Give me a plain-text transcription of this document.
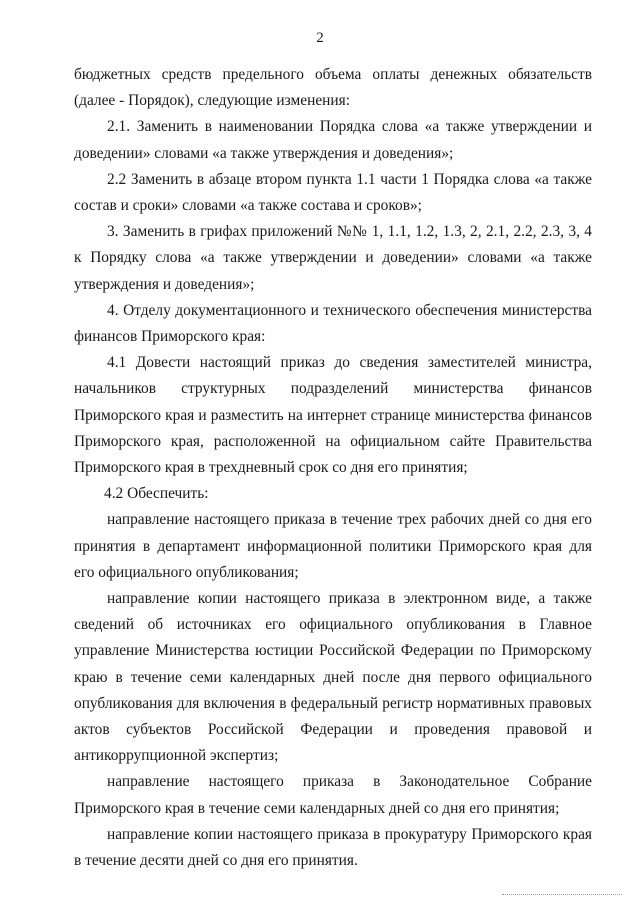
2

бюджетных средств предельного объема оплаты денежных обязательств (далее - Порядок), следующие изменения:

2.1. Заменить в наименовании Порядка слова «а также утверждении и доведении» словами «а также утверждения и доведения»;

2.2 Заменить в абзаце втором пункта 1.1 части 1 Порядка слова «а также состав и сроки» словами «а также состава и сроков»;

3. Заменить в грифах приложений №№ 1, 1.1, 1.2, 1.3, 2, 2.1, 2.2, 2.3, 3, 4 к Порядку слова «а также утверждении и доведении» словами «а также утверждения и доведения»;

4. Отделу документационного и технического обеспечения министерства финансов Приморского края:

4.1 Довести настоящий приказ до сведения заместителей министра, начальников структурных подразделений министерства финансов Приморского края и разместить на интернет странице министерства финансов Приморского края, расположенной на официальном сайте Правительства Приморского края в трехдневный срок со дня его принятия;

4.2 Обеспечить:

направление настоящего приказа в течение трех рабочих дней со дня его принятия в департамент информационной политики Приморского края для его официального опубликования;

направление копии настоящего приказа в электронном виде, а также сведений об источниках его официального опубликования в Главное управление Министерства юстиции Российской Федерации по Приморскому краю в течение семи календарных дней после дня первого официального опубликования для включения в федеральный регистр нормативных правовых актов субъектов Российской Федерации и проведения правовой и антикоррупционной экспертиз;

направление настоящего приказа в Законодательное Собрание Приморского края в течение семи календарных дней со дня его принятия;

направление копии настоящего приказа в прокуратуру Приморского края в течение десяти дней со дня его принятия.
